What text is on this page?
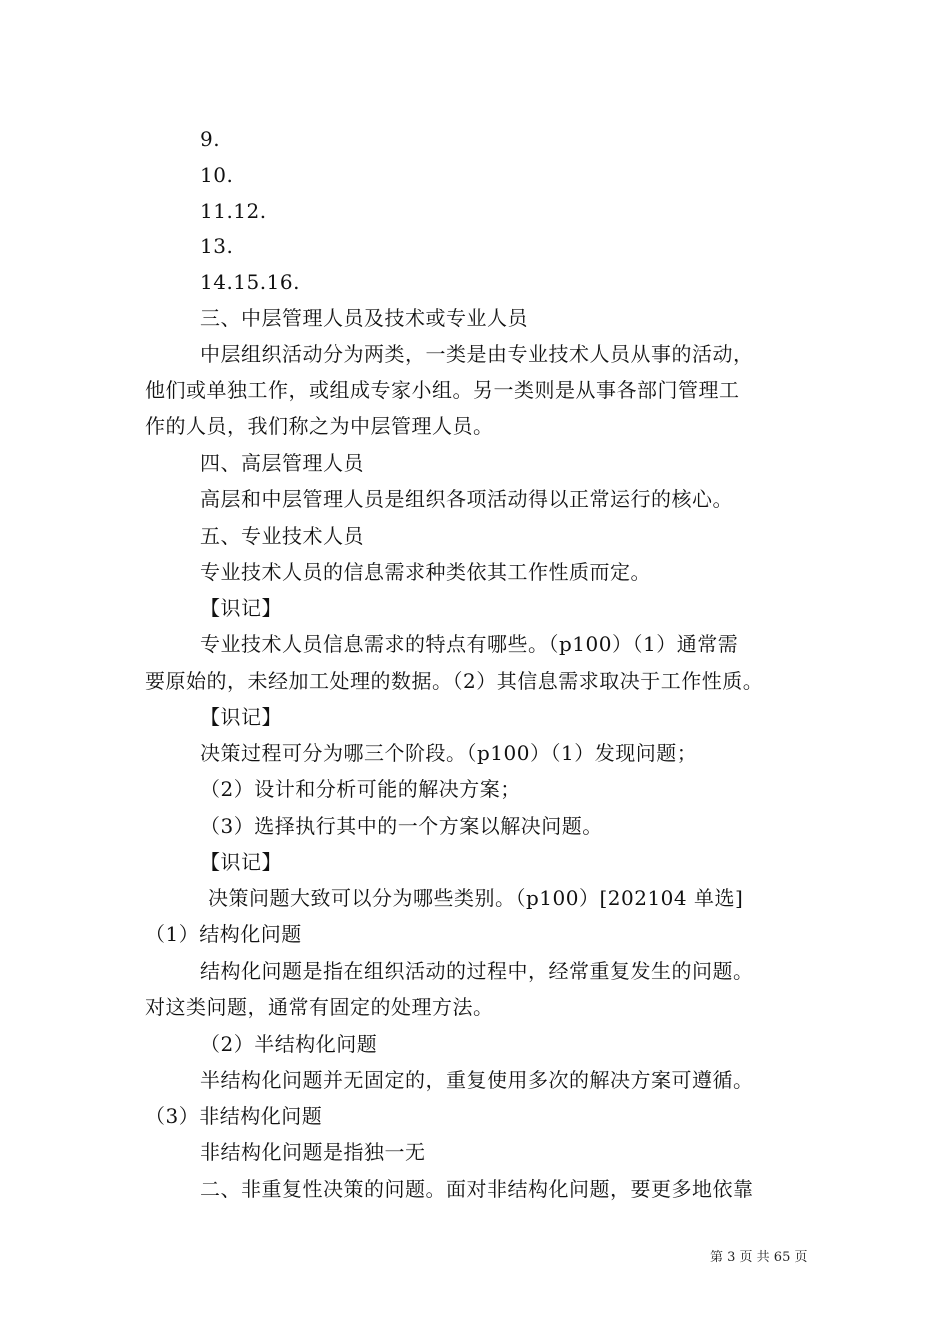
9.
10.
11.12.
13.
14.15.16.
三、中层管理人员及技术或专业人员
中层组织活动分为两类，一类是由专业技术人员从事的活动，
他们或单独工作，或组成专家小组。另一类则是从事各部门管理工
作的人员，我们称之为中层管理人员。
四、高层管理人员
高层和中层管理人员是组织各项活动得以正常运行的核心。
五、专业技术人员
专业技术人员的信息需求种类依其工作性质而定。
【识记】
专业技术人员信息需求的特点有哪些。（p100）（1）通常需
要原始的，未经加工处理的数据。（2）其信息需求取决于工作性质。
【识记】
决策过程可分为哪三个阶段。（p100）（1）发现问题；
（2）设计和分析可能的解决方案；
（3）选择执行其中的一个方案以解决问题。
【识记】
决策问题大致可以分为哪些类别。（p100）[202104 单选]
（1）结构化问题
结构化问题是指在组织活动的过程中，经常重复发生的问题。
对这类问题，通常有固定的处理方法。
（2）半结构化问题
半结构化问题并无固定的，重复使用多次的解决方案可遵循。
（3）非结构化问题
非结构化问题是指独一无
二、非重复性决策的问题。面对非结构化问题，要更多地依靠
第 3 页 共 65 页
